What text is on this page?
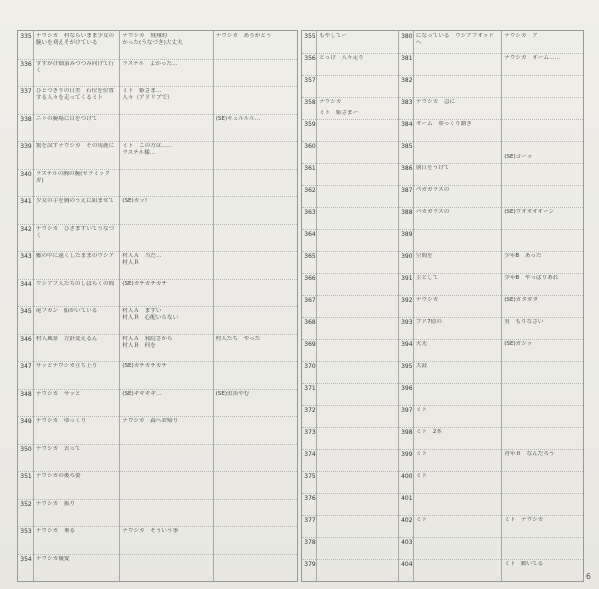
335
336
337
338
339
340
341
342
343
344
345
346
347
348
349
350
351
352
353
354
ナウシカ　村ならいまま少女の腕いを刈えそがけている
すすがけ畑頂みつつみ向けて行く
ひとつきりの日差　石位を位置する人々を走ってくるミト
ニトの腕場に目をつけて
驚を試すナウシカ　その馬鹿に
ラステルの胸の腕(セラミックガ)
少女の手を胸のうえに組ませて
ナウシカ　ひざまずいてうなづく
艦の中に遠くしたままのウシア
ウシアブ人たちのしばらくの間
尾フカン　船がいている
村人風景　方針変えるん
サッとナウシカ立ち上り
ナウシカ　サッと
ナウシカ　ゆっくり
ナウシカ　去って
ナウシカの後ろ姿
ナウシカ　振り
ナウシカ　乗る
ナウシカ優愛
ナウシカ　飛翔的
かった(うなづき)大丈夫
ラステル　よかった…
ミト　姫さま…
人々（アドリブで）
ミト　この方は……
ラステル様…
(SE)カッ!
村人Ａ　当だ…
村人Ｂ
(SE)カチカチカチ
村人Ａ　まずい
村人Ｂ　心配いらない
村人Ａ　邪院さから
村人Ｂ　何を
(SE)カチカチカチ
(SE)ギギギギ…
ナウシカ　森へお帰り
ナウシカ　そういう事
ナウシカ　ありがとう
(SE)キュルルル…
村人たち　やった
(SE)虫笛やむ
355
356
357
358
359
360
361
362
363
364
365
366
367
368
369
370
371
372
373
374
375
376
377
378
379
もやしてー
とっけ　人々走り
ナウシカ
ミト　姫さまー
380
381
382
383
384
385
386
387
388
389
390
391
392
393
394
395
396
397
398
399
400
401
402
403
404
になっている　ウシアブオッドへ
ナウシカ　急に
オーム　ゆっくり動き
朝日をうけて
ペガガラスの
パカガラスの
空間を
主として
ナウシカ
ブド7億の
火光
大鼓
ミト
ミト　2本
ミト
ミト
ミト
ナウシカ　ア
ナウシカ　オーム……
(SE)ウオオオオーン
少年B　あった
少年B　やっぱりあれ
(SE)ガタガタ
男　もりなさい
(SE)ガシッ
青年Ｂ　なんだろう
ミト　ナウシカ
ミト　動いてる
(SE)ゴーッ
6
